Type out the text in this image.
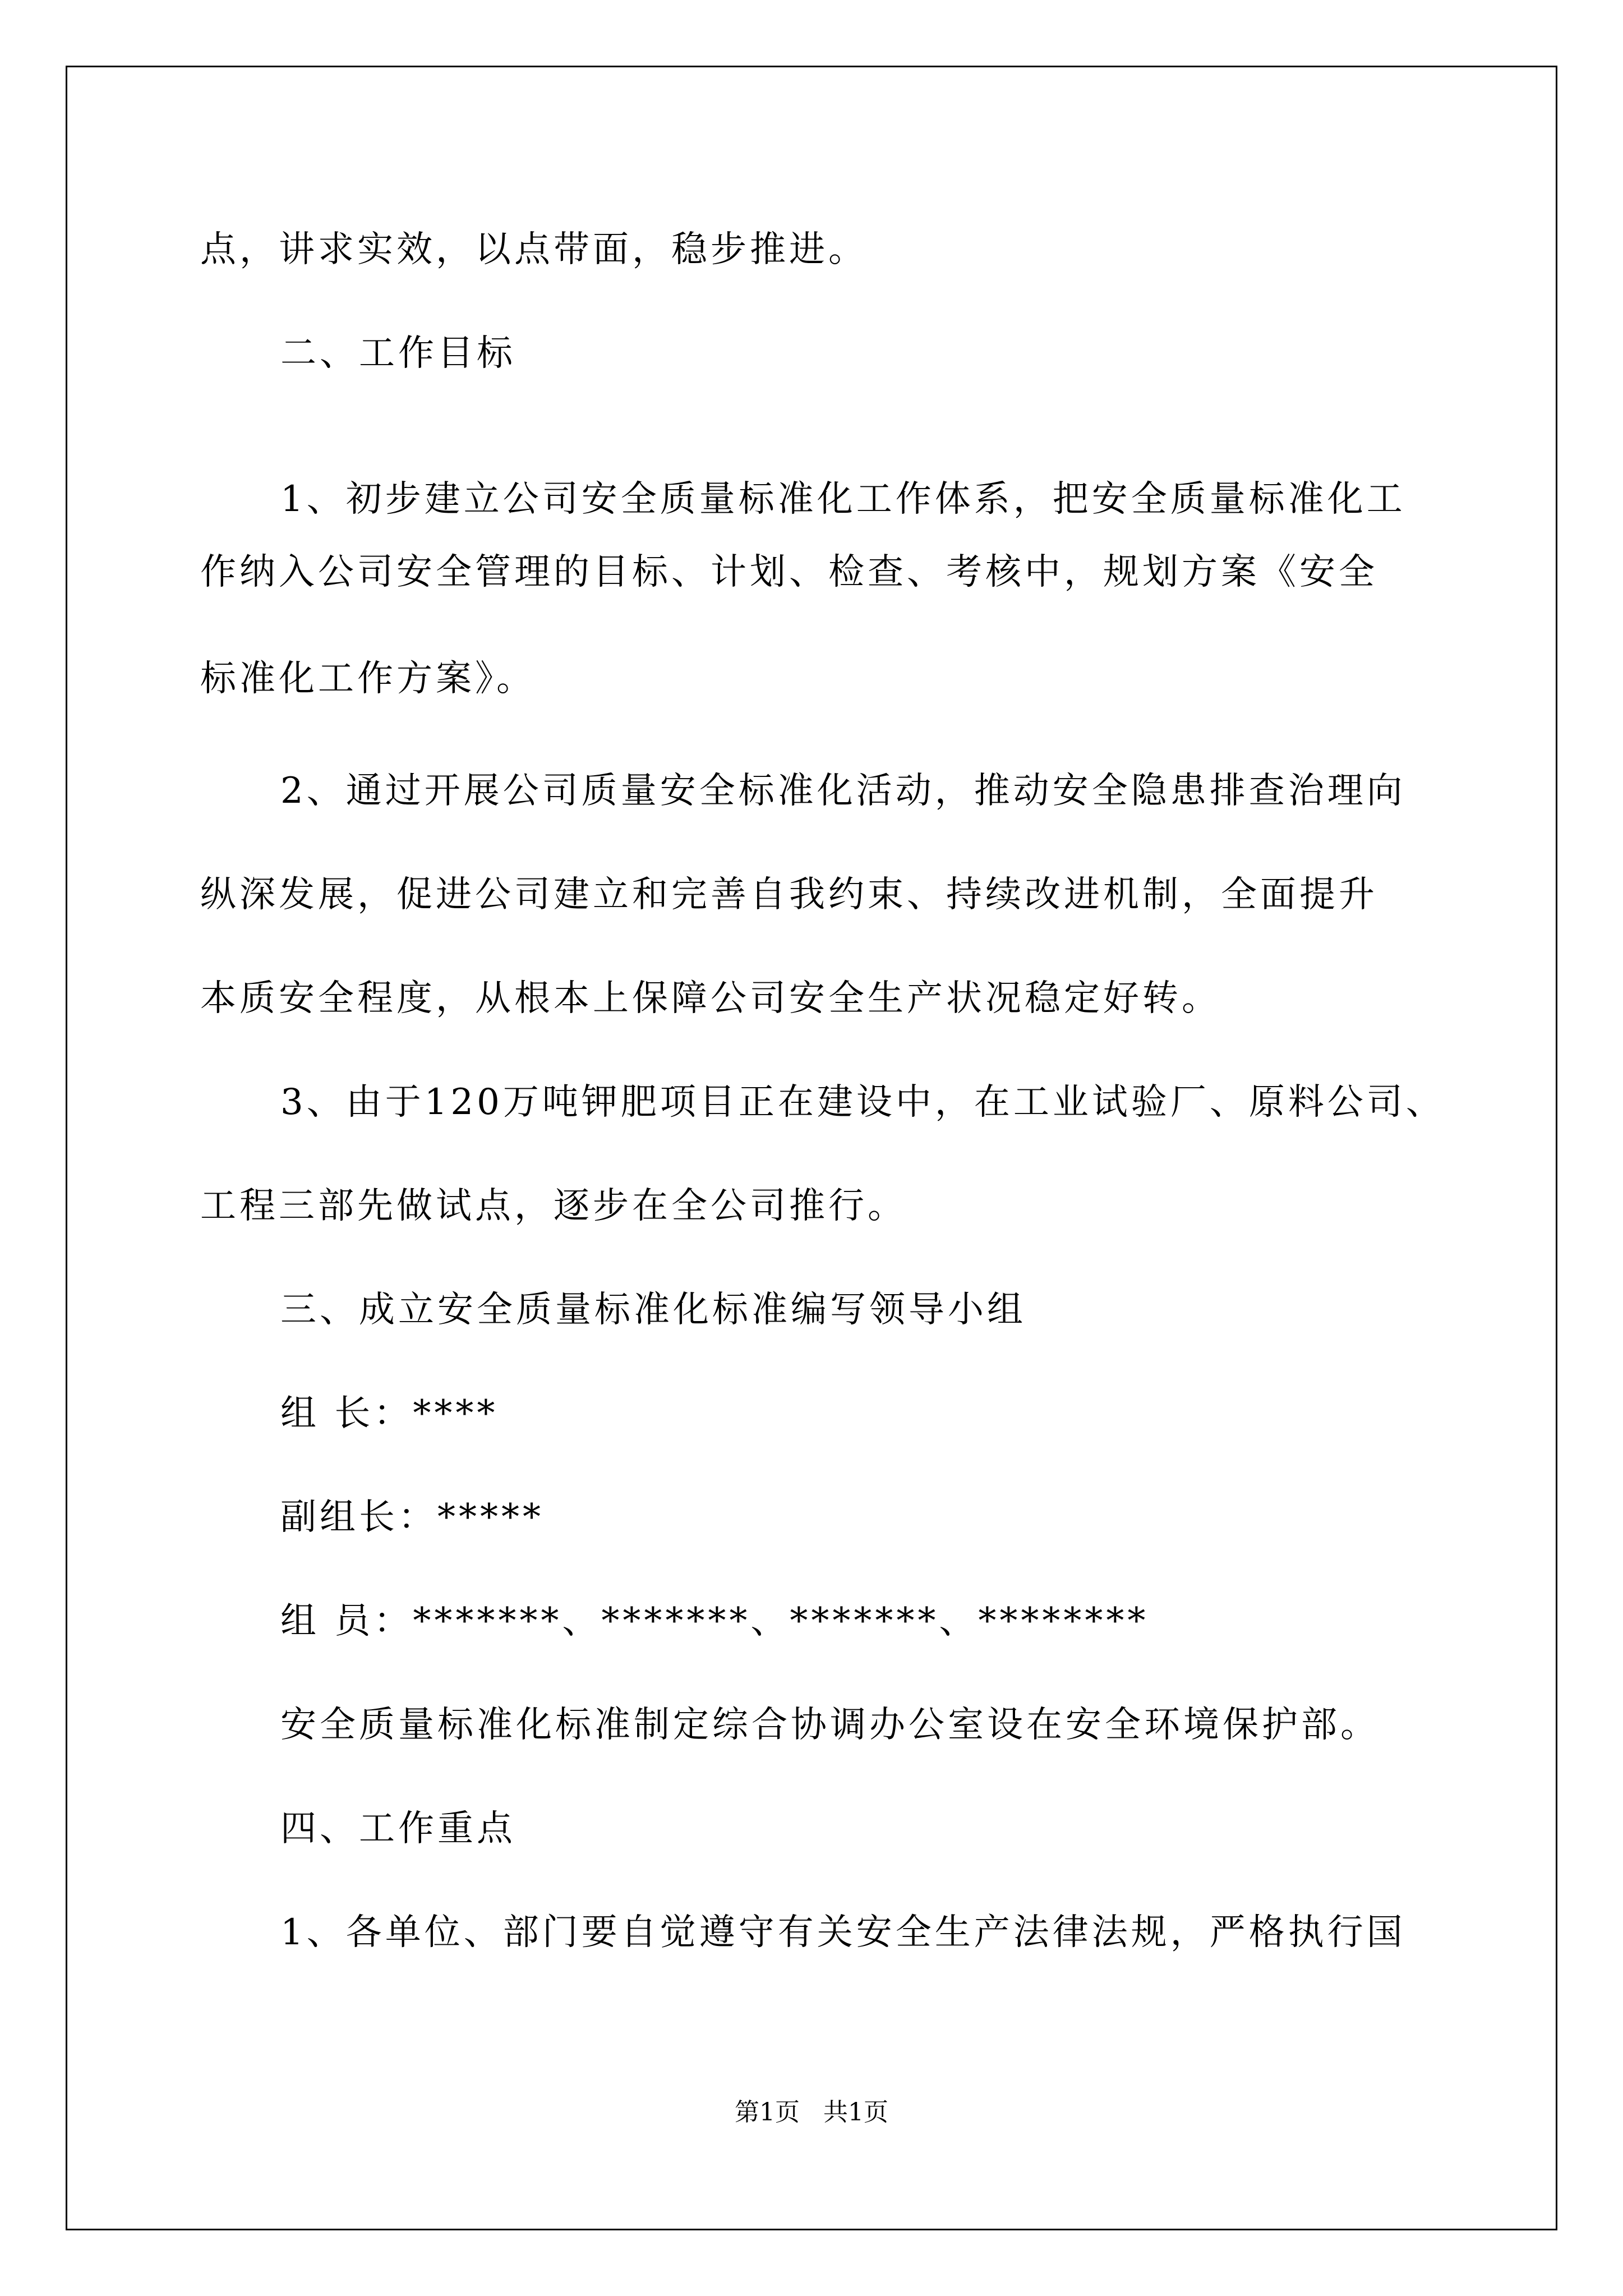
点，讲求实效，以点带面，稳步推进。

二、工作目标

1、初步建立公司安全质量标准化工作体系，把安全质量标准化工

作纳入公司安全管理的目标、计划、检查、考核中，规划方案《安全

标准化工作方案》。

2、通过开展公司质量安全标准化活动，推动安全隐患排查治理向

纵深发展，促进公司建立和完善自我约束、持续改进机制，全面提升

本质安全程度，从根本上保障公司安全生产状况稳定好转。

3、由于120万吨钾肥项目正在建设中，在工业试验厂、原料公司、

工程三部先做试点，逐步在全公司推行。

三、成立安全质量标准化标准编写领导小组

组 长：****

副组长：*****

组 员：*******、*******、*******、********

安全质量标准化标准制定综合协调办公室设在安全环境保护部。

四、工作重点

1、各单位、部门要自觉遵守有关安全生产法律法规，严格执行国

第1页   共1页
